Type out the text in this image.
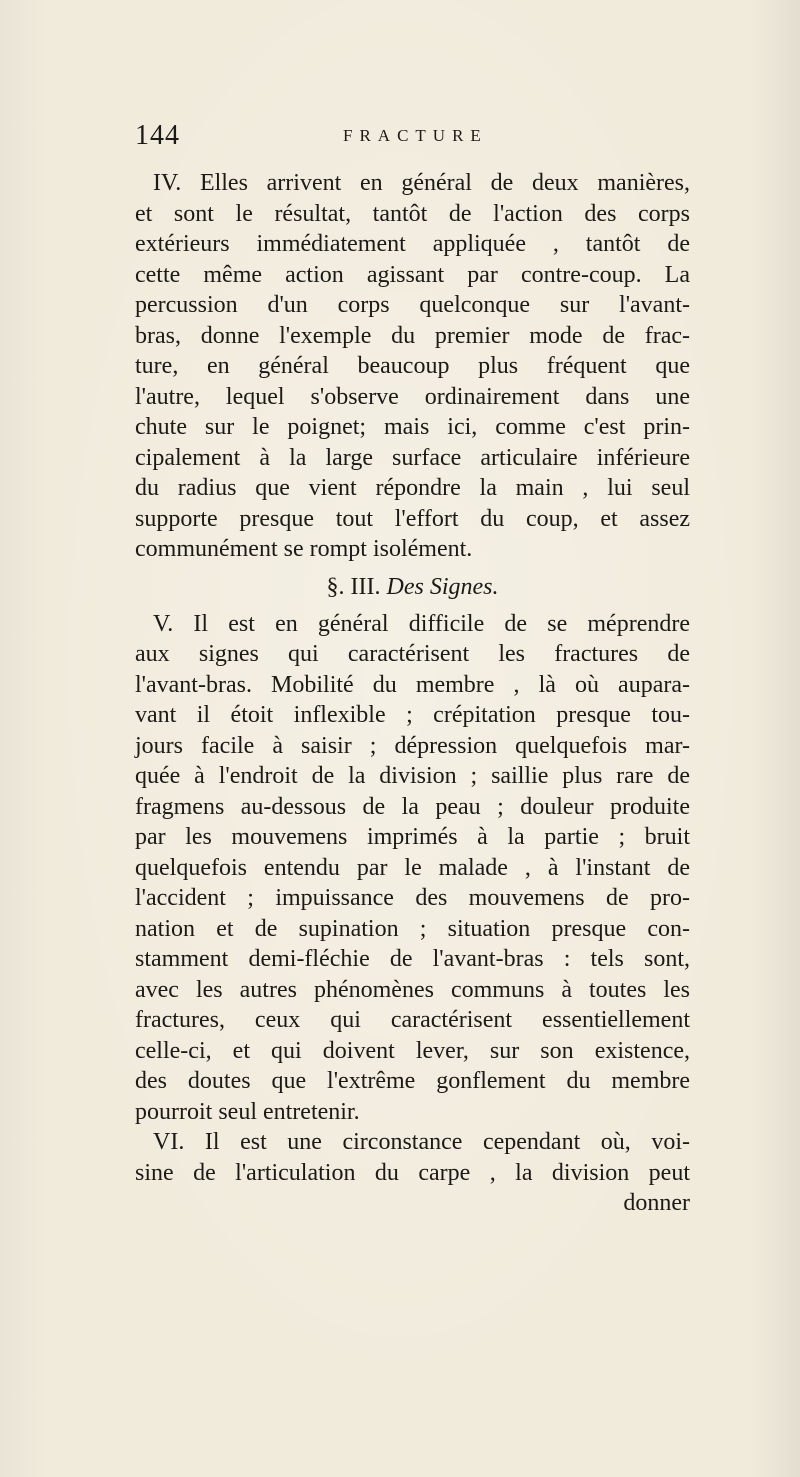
144	FRACTURE
IV. Elles arrivent en général de deux manières,
et sont le résultat, tantôt de l'action des corps
extérieurs immédiatement appliquée , tantôt de
cette même action agissant par contre-coup. La
percussion d'un corps quelconque sur l'avant-
bras, donne l'exemple du premier mode de frac-
ture, en général beaucoup plus fréquent que
l'autre, lequel s'observe ordinairement dans une
chute sur le poignet; mais ici, comme c'est prin-
cipalement à la large surface articulaire inférieure
du radius que vient répondre la main , lui seul
supporte presque tout l'effort du coup, et assez
communément se rompt isolément.
§. III. Des Signes.
V. Il est en général difficile de se méprendre
aux signes qui caractérisent les fractures de
l'avant-bras. Mobilité du membre , là où aupara-
vant il étoit inflexible ; crépitation presque tou-
jours facile à saisir ; dépression quelquefois mar-
quée à l'endroit de la division ; saillie plus rare de
fragmens au-dessous de la peau ; douleur produite
par les mouvemens imprimés à la partie ; bruit
quelquefois entendu par le malade , à l'instant de
l'accident ; impuissance des mouvemens de pro-
nation et de supination ; situation presque con-
stamment demi-fléchie de l'avant-bras : tels sont,
avec les autres phénomènes communs à toutes les
fractures, ceux qui caractérisent essentiellement
celle-ci, et qui doivent lever, sur son existence,
des doutes que l'extrême gonflement du membre
pourroit seul entretenir.
VI. Il est une circonstance cependant où, voi-
sine de l'articulation du carpe , la division peut
donner
